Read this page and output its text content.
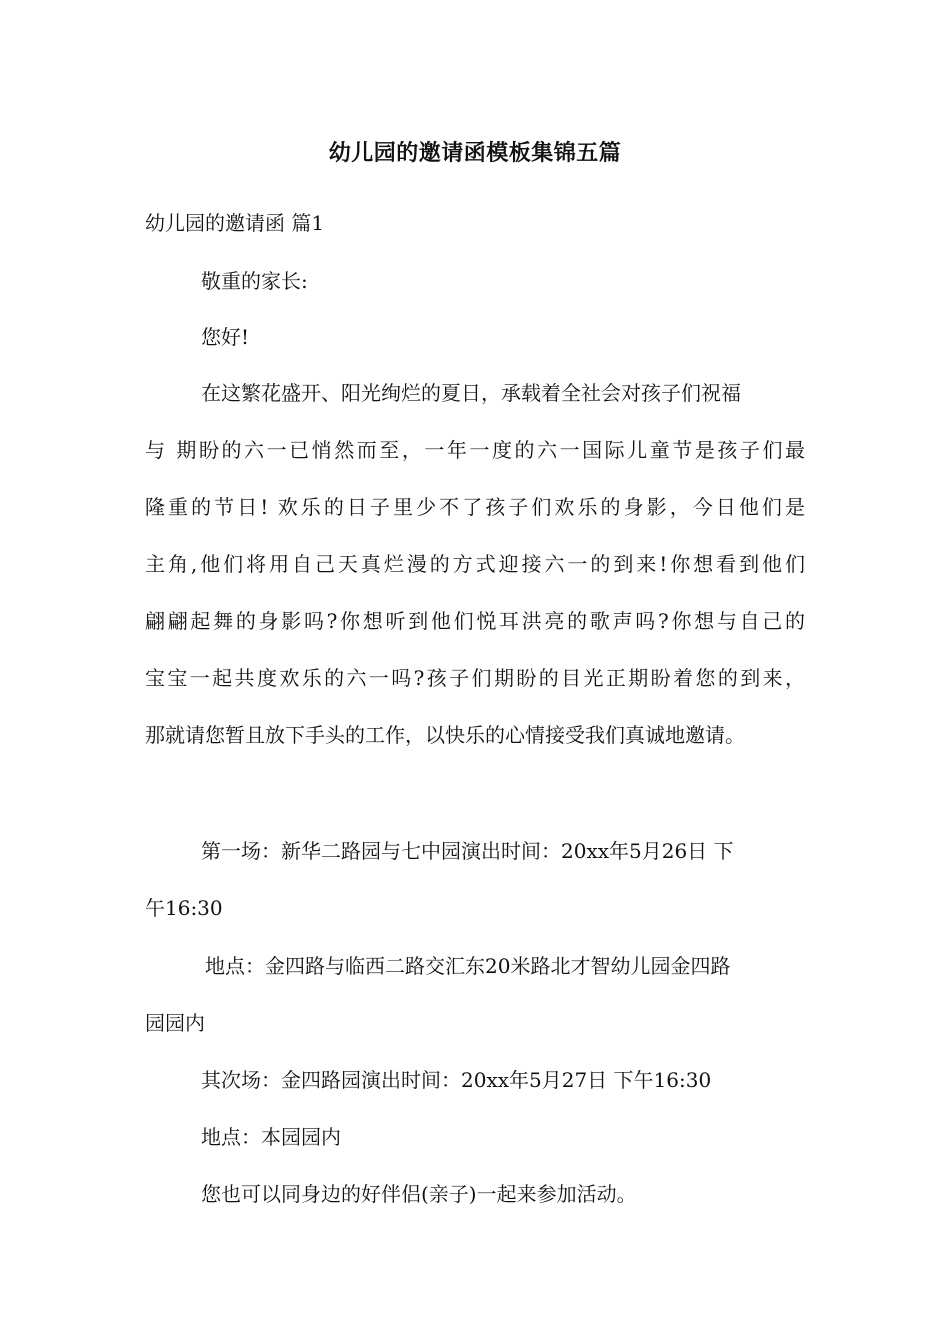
幼儿园的邀请函模板集锦五篇
幼儿园的邀请函 篇1
敬重的家长:
您好!
在这繁花盛开、阳光绚烂的夏日，承载着全社会对孩子们祝福
与 期盼的六一已悄然而至，一年一度的六一国际儿童节是孩子们最
隆重的节日! 欢乐的日子里少不了孩子们欢乐的身影，今日他们是
主角,他们将用自己天真烂漫的方式迎接六一的到来!你想看到他们
翩翩起舞的身影吗?你想听到他们悦耳洪亮的歌声吗?你想与自己的
宝宝一起共度欢乐的六一吗?孩子们期盼的目光正期盼着您的到来，
那就请您暂且放下手头的工作，以快乐的心情接受我们真诚地邀请。
第一场：新华二路园与七中园演出时间：20xx年5月26日 下
午16:30
地点：金四路与临西二路交汇东20米路北才智幼儿园金四路
园园内
其次场：金四路园演出时间：20xx年5月27日 下午16:30
地点：本园园内
您也可以同身边的好伴侣(亲子)一起来参加活动。
